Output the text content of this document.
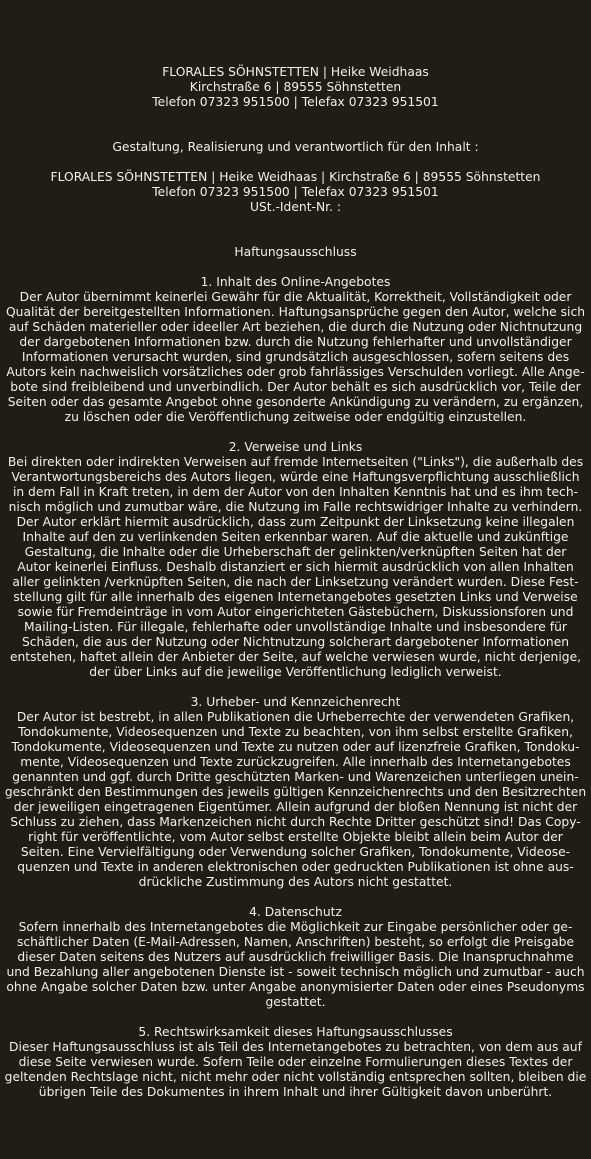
FLORALES SÖHNSTETTEN | Heike Weidhaas
Kirchstraße 6 | 89555 Söhnstetten
Telefon 07323 951500 | Telefax 07323 951501
Gestaltung, Realisierung und verantwortlich für den Inhalt :
FLORALES SÖHNSTETTEN | Heike Weidhaas | Kirchstraße 6 | 89555 Söhnstetten
Telefon 07323 951500 | Telefax 07323 951501
USt.-Ident-Nr. :
Haftungsausschluss
1. Inhalt des Online-Angebotes
Der Autor übernimmt keinerlei Gewähr für die Aktualität, Korrektheit, Vollständigkeit oder
Qualität der bereitgestellten Informationen. Haftungsansprüche gegen den Autor, welche sich
auf Schäden materieller oder ideeller Art beziehen, die durch die Nutzung oder Nichtnutzung
der dargebotenen Informationen bzw. durch die Nutzung fehlerhafter und unvollständiger
Informationen verursacht wurden, sind grundsätzlich ausgeschlossen, sofern seitens des
Autors kein nachweislich vorsätzliches oder grob fahrlässiges Verschulden vorliegt. Alle Ange-
bote sind freibleibend und unverbindlich. Der Autor behält es sich ausdrücklich vor, Teile der
Seiten oder das gesamte Angebot ohne gesonderte Ankündigung zu verändern, zu ergänzen,
zu löschen oder die Veröffentlichung zeitweise oder endgültig einzustellen.
2. Verweise und Links
Bei direkten oder indirekten Verweisen auf fremde Internetseiten ("Links"), die außerhalb des
Verantwortungsbereichs des Autors liegen, würde eine Haftungsverpflichtung ausschließlich
in dem Fall in Kraft treten, in dem der Autor von den Inhalten Kenntnis hat und es ihm tech-
nisch möglich und zumutbar wäre, die Nutzung im Falle rechtswidriger Inhalte zu verhindern.
Der Autor erklärt hiermit ausdrücklich, dass zum Zeitpunkt der Linksetzung keine illegalen
Inhalte auf den zu verlinkenden Seiten erkennbar waren. Auf die aktuelle und zukünftige
Gestaltung, die Inhalte oder die Urheberschaft der gelinkten/verknüpften Seiten hat der
Autor keinerlei Einfluss. Deshalb distanziert er sich hiermit ausdrücklich von allen Inhalten
aller gelinkten /verknüpften Seiten, die nach der Linksetzung verändert wurden. Diese Fest-
stellung gilt für alle innerhalb des eigenen Internetangebotes gesetzten Links und Verweise
sowie für Fremdeinträge in vom Autor eingerichteten Gästebüchern, Diskussionsforen und
Mailing-Listen. Für illegale, fehlerhafte oder unvollständige Inhalte und insbesondere für
Schäden, die aus der Nutzung oder Nichtnutzung solcherart dargebotener Informationen
entstehen, haftet allein der Anbieter der Seite, auf welche verwiesen wurde, nicht derjenige,
der über Links auf die jeweilige Veröffentlichung lediglich verweist.
3. Urheber- und Kennzeichenrecht
Der Autor ist bestrebt, in allen Publikationen die Urheberrechte der verwendeten Grafiken,
Tondokumente, Videosequenzen und Texte zu beachten, von ihm selbst erstellte Grafiken,
Tondokumente, Videosequenzen und Texte zu nutzen oder auf lizenzfreie Grafiken, Tondoku-
mente, Videosequenzen und Texte zurückzugreifen. Alle innerhalb des Internetangebotes
genannten und ggf. durch Dritte geschützten Marken- und Warenzeichen unterliegen unein-
geschränkt den Bestimmungen des jeweils gültigen Kennzeichenrechts und den Besitzrechten
der jeweiligen eingetragenen Eigentümer. Allein aufgrund der bloßen Nennung ist nicht der
Schluss zu ziehen, dass Markenzeichen nicht durch Rechte Dritter geschützt sind! Das Copy-
right für veröffentlichte, vom Autor selbst erstellte Objekte bleibt allein beim Autor der
Seiten. Eine Vervielfältigung oder Verwendung solcher Grafiken, Tondokumente, Videose-
quenzen und Texte in anderen elektronischen oder gedruckten Publikationen ist ohne aus-
drückliche Zustimmung des Autors nicht gestattet.
4. Datenschutz
Sofern innerhalb des Internetangebotes die Möglichkeit zur Eingabe persönlicher oder ge-
schäftlicher Daten (E-Mail-Adressen, Namen, Anschriften) besteht, so erfolgt die Preisgabe
dieser Daten seitens des Nutzers auf ausdrücklich freiwilliger Basis. Die Inanspruchnahme
und Bezahlung aller angebotenen Dienste ist - soweit technisch möglich und zumutbar - auch
ohne Angabe solcher Daten bzw. unter Angabe anonymisierter Daten oder eines Pseudonyms
gestattet.
5. Rechtswirksamkeit dieses Haftungsausschlusses
Dieser Haftungsausschluss ist als Teil des Internetangebotes zu betrachten, von dem aus auf
diese Seite verwiesen wurde. Sofern Teile oder einzelne Formulierungen dieses Textes der
geltenden Rechtslage nicht, nicht mehr oder nicht vollständig entsprechen sollten, bleiben die
übrigen Teile des Dokumentes in ihrem Inhalt und ihrer Gültigkeit davon unberührt.
